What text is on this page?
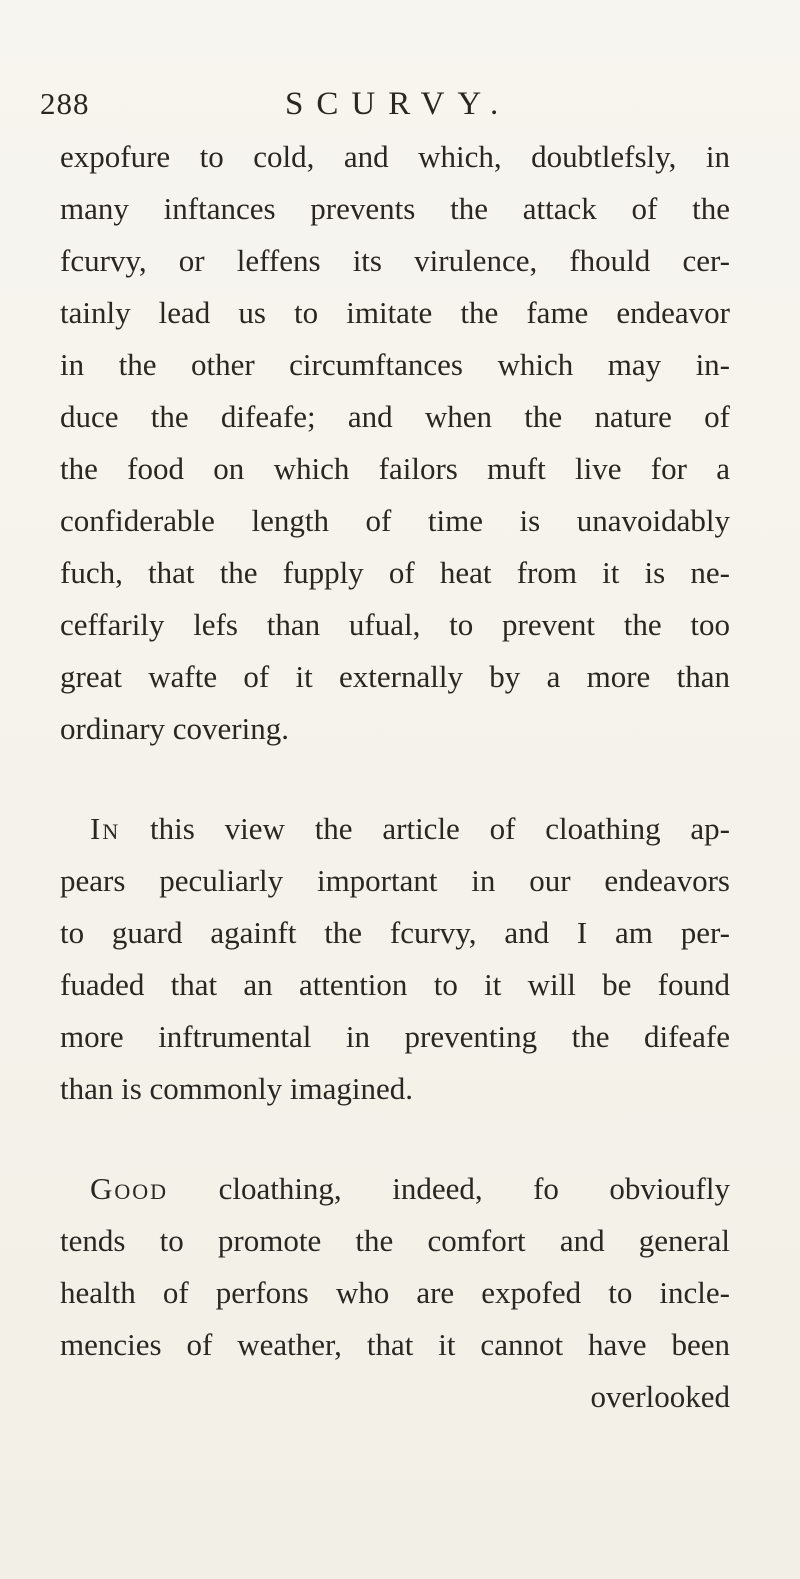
288	SCURVY.
expofure to cold, and which, doubtlefsly, in
many inftances prevents the attack of the
fcurvy, or leffens its virulence, fhould cer-
tainly lead us to imitate the fame endeavor
in the other circumftances which may in-
duce the difeafe; and when the nature of
the food on which failors muft live for a
confiderable length of time is unavoidably
fuch, that the fupply of heat from it is ne-
ceffarily lefs than ufual, to prevent the too
great wafte of it externally by a more than
ordinary covering.
In this view the article of cloathing ap-
pears peculiarly important in our endeavors
to guard againft the fcurvy, and I am per-
fuaded that an attention to it will be found
more inftrumental in preventing the difeafe
than is commonly imagined.
Good cloathing, indeed, fo obvioufly
tends to promote the comfort and general
health of perfons who are expofed to incle-
mencies of weather, that it cannot have been
overlooked
